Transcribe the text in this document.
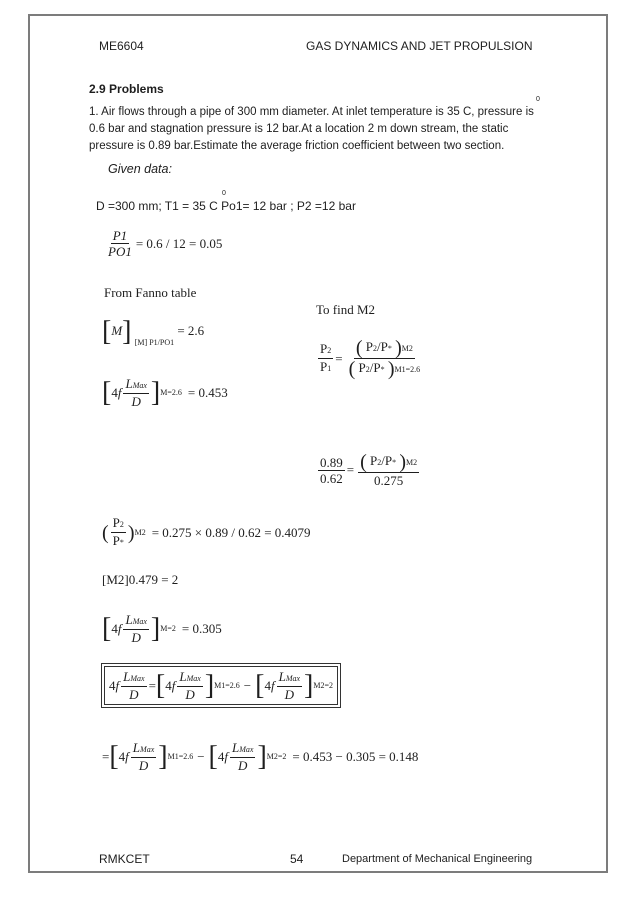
ME6604	GAS DYNAMICS AND JET PROPULSION
2.9 Problems
0
1. Air flows through a pipe of 300 mm diameter. At inlet temperature is 35 C, pressure is
0.6 bar and stagnation pressure is 12 bar.At a location 2 m down stream, the static
pressure is 0.89 bar.Estimate the average friction coefficient between two section.
Given data:
0
D =300 mm; T1 = 35 C Po1= 12 bar ; P2 =12 bar
$\frac{P1}{PO1} = 0.6 / 12 = 0.05$
From Fanno table
To find M2
[M] $_{[M] P1/PO1}$ = 2.6
[ $4f \frac{\text{LMax}}{D}$ ] M=2.6 = 0.453
$\frac{P2}{P1} = \frac{( P2/P* )M2}{( P2/P* )M1=2.6}$
$\frac{0.89}{0.62} = \frac{( P2/P* )M2}{0.275}$
( $\frac{P2}{P*}$ ) M2 = 0.275 × 0.89 / 0.62 = 0.4079
[M2]0.479 = 2
[ $4f \frac{\text{LMax}}{D}$ ] M=2 = 0.305
$4f \frac{\text{LMax}}{D}$ = [ $4f \frac{\text{LMax}}{D}$ ] M1=2.6 − [ $4f \frac{\text{LMax}}{D}$ ] M2=2
= [ $4f \frac{\text{LMax}}{D}$ ] M1=2.6 − [ $4f \frac{\text{LMax}}{D}$ ] M2=2 = 0.453 − 0.305 = 0.148
RMKCET	54	Department of Mechanical Engineering
